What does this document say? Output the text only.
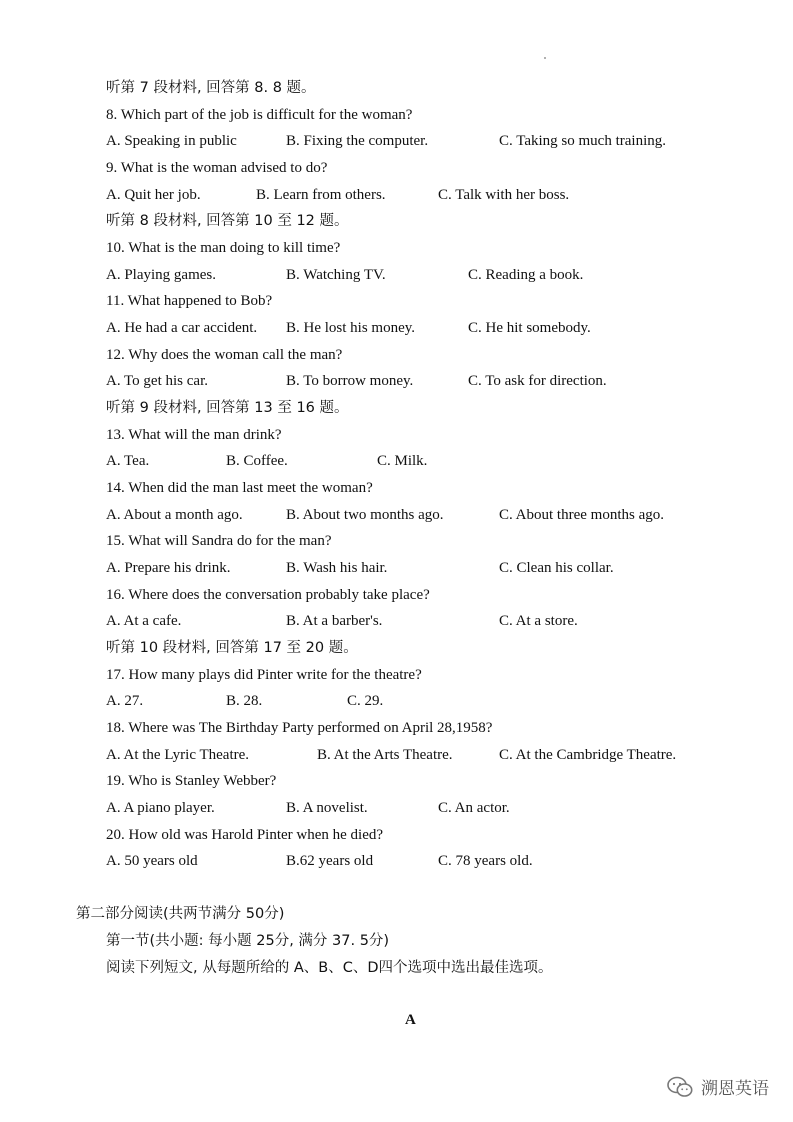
听第 7 段材料, 回答第 8. 8 题。
8. Which part of the job is difficult for the woman?
A. Speaking in public	B. Fixing the computer.	C. Taking so much training.
9. What is the woman advised to do?
A. Quit her job.	B. Learn from others.	C. Talk with her boss.
听第 8 段材料, 回答第 10 至 12 题。
10. What is the man doing to kill time?
A. Playing games.	B. Watching TV.	C. Reading a book.
11. What happened to Bob?
A. He had a car accident. B. He lost his money.	C. He hit somebody.
12. Why does the woman call the man?
A. To get his car.	B. To borrow money.	C. To ask for direction.
听第 9 段材料, 回答第 13 至 16 题。
13. What will the man drink?
A. Tea.	B. Coffee.	C. Milk.
14. When did the man last meet the woman?
A. About a month ago.	B. About two months ago.	C. About three months ago.
15. What will Sandra do for the man?
A. Prepare his drink.	B. Wash his hair.	C. Clean his collar.
16. Where does the conversation probably take place?
A. At a cafe.	B. At a barber's.	C. At a store.
听第 10 段材料, 回答第 17 至 20 题。
17. How many plays did Pinter write for the theatre?
A. 27.	B. 28.	C. 29.
18. Where was The Birthday Party performed on April 28,1958?
A. At the Lyric Theatre.	B. At the Arts Theatre.	C. At the Cambridge Theatre.
19. Who is Stanley Webber?
A. A piano player.	B. A novelist.	C. An actor.
20. How old was Harold Pinter when he died?
A. 50 years old	B.62 years old	C. 78 years old.
第二部分阅读(共两节满分 50分)
第一节(共小题: 每小题 25分, 满分 37. 5分)
阅读下列短文, 从每题所给的 A、B、C、D四个选项中选出最佳选项。
A
溯恩英语
